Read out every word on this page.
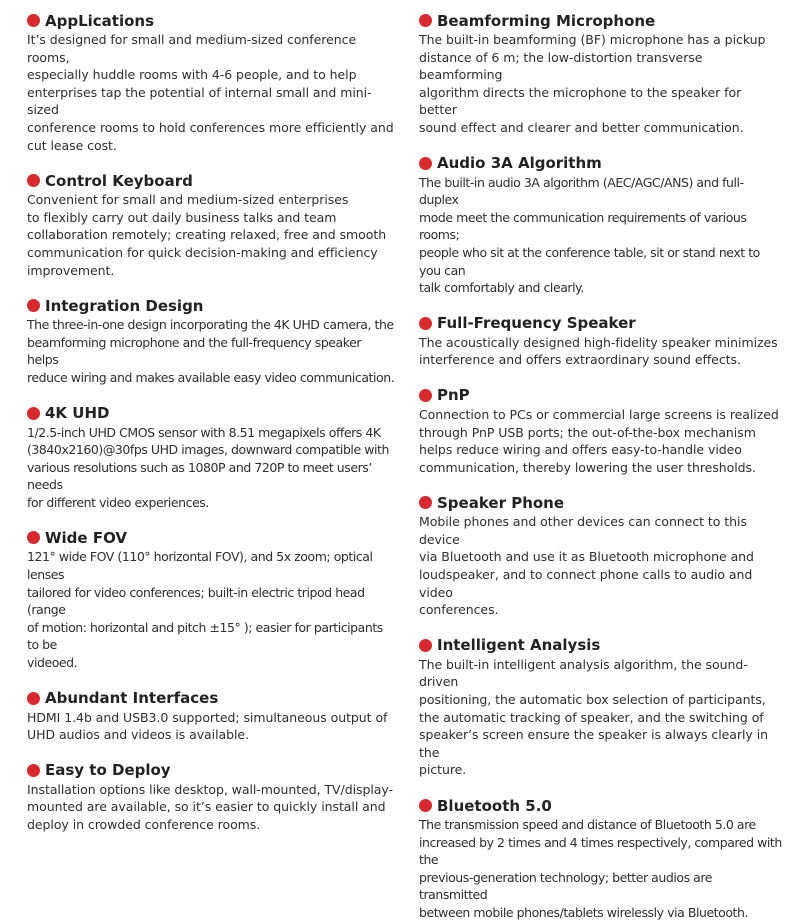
AppLications

It’s designed for small and medium-sized conference rooms,
especially huddle rooms with 4-6 people, and to help
enterprises tap the potential of internal small and mini-sized
conference rooms to hold conferences more efficiently and
cut lease cost.

Control Keyboard

Convenient for small and medium-sized enterprises
to flexibly carry out daily business talks and team
collaboration remotely; creating relaxed, free and smooth
communication for quick decision-making and efficiency
improvement.

Integration Design

The three-in-one design incorporating the 4K UHD camera, the
beamforming microphone and the full-frequency speaker helps
reduce wiring and makes available easy video communication.

4K UHD

1/2.5-inch UHD CMOS sensor with 8.51 megapixels offers 4K
(3840x2160)@30fps UHD images, downward compatible with
various resolutions such as 1080P and 720P to meet users’ needs
for different video experiences.

Wide FOV

121° wide FOV (110° horizontal FOV), and 5x zoom; optical lenses
tailored for video conferences; built-in electric tripod head (range
of motion: horizontal and pitch ±15° ); easier for participants to be
videoed.

Abundant Interfaces

HDMI 1.4b and USB3.0 supported; simultaneous output of
UHD audios and videos is available.

Easy to Deploy

Installation options like desktop, wall-mounted, TV/display-
mounted are available, so it’s easier to quickly install and
deploy in crowded conference rooms.

Beamforming Microphone

The built-in beamforming (BF) microphone has a pickup
distance of 6 m; the low-distortion transverse beamforming
algorithm directs the microphone to the speaker for better
sound effect and clearer and better communication.

Audio 3A Algorithm

The built-in audio 3A algorithm (AEC/AGC/ANS) and full-duplex
mode meet the communication requirements of various rooms;
people who sit at the conference table, sit or stand next to you can
talk comfortably and clearly.

Full-Frequency Speaker

The acoustically designed high-fidelity speaker minimizes
interference and offers extraordinary sound effects.

PnP

Connection to PCs or commercial large screens is realized
through PnP USB ports; the out-of-the-box mechanism
helps reduce wiring and offers easy-to-handle video
communication, thereby lowering the user thresholds.

Speaker Phone

Mobile phones and other devices can connect to this device
via Bluetooth and use it as Bluetooth microphone and
loudspeaker, and to connect phone calls to audio and video
conferences.

Intelligent Analysis

The built-in intelligent analysis algorithm, the sound-driven
positioning, the automatic box selection of participants,
the automatic tracking of speaker, and the switching of
speaker’s screen ensure the speaker is always clearly in the
picture.

Bluetooth 5.0

The transmission speed and distance of Bluetooth 5.0 are
increased by 2 times and 4 times respectively, compared with the
previous-generation technology; better audios are transmitted
between mobile phones/tablets wirelessly via Bluetooth.
